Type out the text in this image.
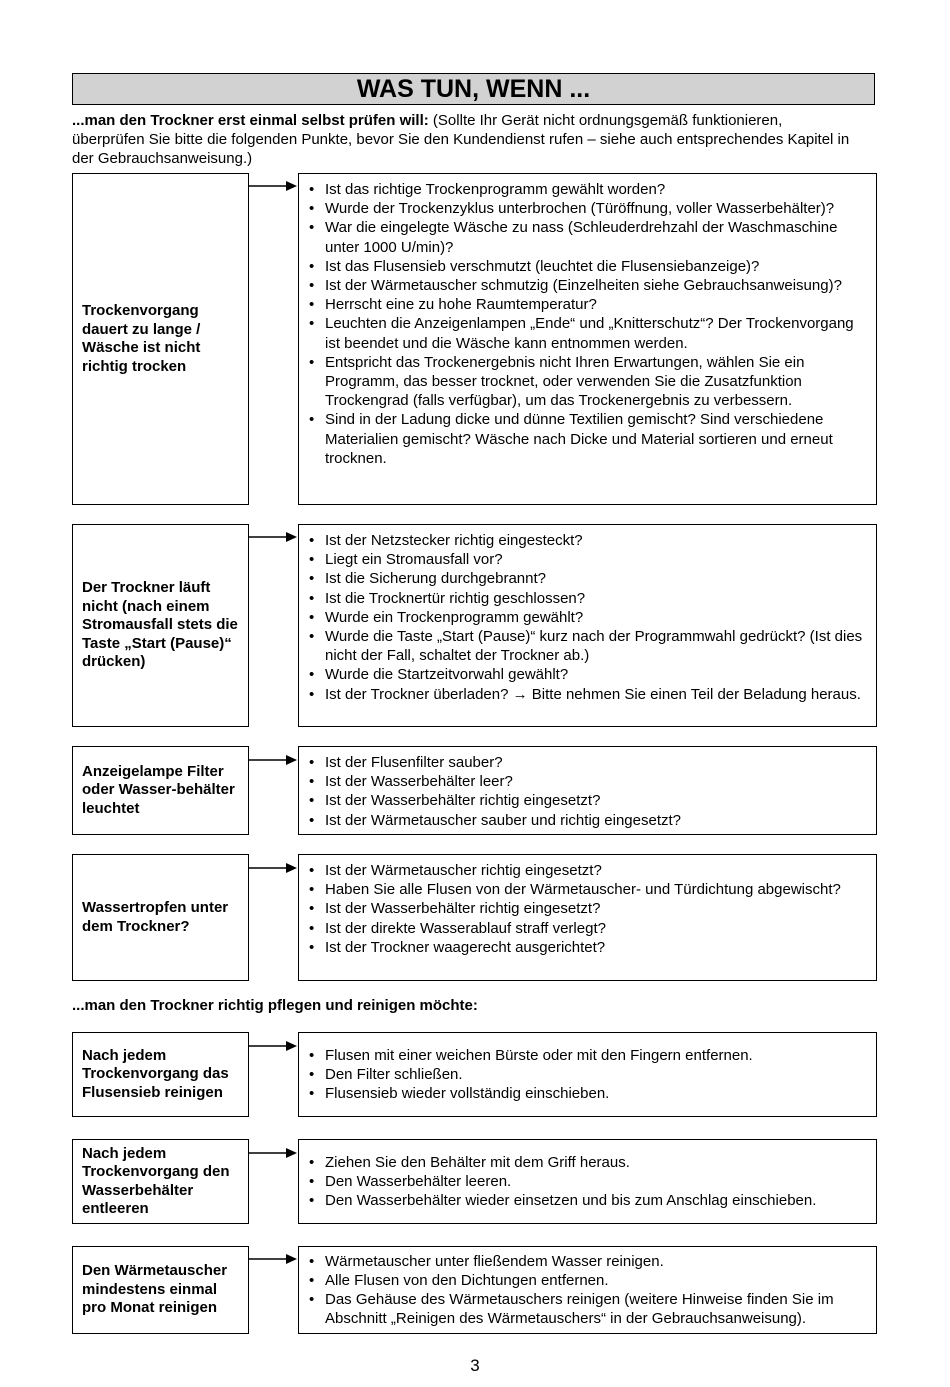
WAS TUN, WENN ...
...man den Trockner erst einmal selbst prüfen will: (Sollte Ihr Gerät nicht ordnungsgemäß funktionieren, überprüfen Sie bitte die folgenden Punkte, bevor Sie den Kundendienst rufen – siehe auch entsprechendes Kapitel in der Gebrauchsanweisung.)
Trockenvorgang dauert zu lange / Wäsche ist nicht richtig trocken
• Ist das richtige Trockenprogramm gewählt worden?
• Wurde der Trockenzyklus unterbrochen (Türöffnung, voller Wasserbehälter)?
• War die eingelegte Wäsche zu nass (Schleuderdrehzahl der Waschmaschine unter 1000 U/min)?
• Ist das Flusensieb verschmutzt (leuchtet die Flusensiebanzeige)?
• Ist der Wärmetauscher schmutzig (Einzelheiten siehe Gebrauchsanweisung)?
• Herrscht eine zu hohe Raumtemperatur?
• Leuchten die Anzeigenlampen „Ende“ und „Knitterschutz“? Der Trockenvorgang ist beendet und die Wäsche kann entnommen werden.
• Entspricht das Trockenergebnis nicht Ihren Erwartungen, wählen Sie ein Programm, das besser trocknet, oder verwenden Sie die Zusatzfunktion Trockengrad (falls verfügbar), um das Trockenergebnis zu verbessern.
• Sind in der Ladung dicke und dünne Textilien gemischt? Sind verschiedene Materialien gemischt? Wäsche nach Dicke und Material sortieren und erneut trocknen.
Der Trockner läuft nicht (nach einem Stromausfall stets die Taste „Start (Pause)“ drücken)
• Ist der Netzstecker richtig eingesteckt?
• Liegt ein Stromausfall vor?
• Ist die Sicherung durchgebrannt?
• Ist die Trocknertür richtig geschlossen?
• Wurde ein Trockenprogramm gewählt?
• Wurde die Taste „Start (Pause)“ kurz nach der Programmwahl gedrückt? (Ist dies nicht der Fall, schaltet der Trockner ab.)
• Wurde die Startzeitvorwahl gewählt?
• Ist der Trockner überladen? → Bitte nehmen Sie einen Teil der Beladung heraus.
Anzeigelampe Filter oder Wasser-behälter leuchtet
• Ist der Flusenfilter sauber?
• Ist der Wasserbehälter leer?
• Ist der Wasserbehälter richtig eingesetzt?
• Ist der Wärmetauscher sauber und richtig eingesetzt?
Wassertropfen unter dem Trockner?
• Ist der Wärmetauscher richtig eingesetzt?
• Haben Sie alle Flusen von der Wärmetauscher- und Türdichtung abgewischt?
• Ist der Wasserbehälter richtig eingesetzt?
• Ist der direkte Wasserablauf straff verlegt?
• Ist der Trockner waagerecht ausgerichtet?
...man den Trockner richtig pflegen und reinigen möchte:
Nach jedem Trockenvorgang das Flusensieb reinigen
• Flusen mit einer weichen Bürste oder mit den Fingern entfernen.
• Den Filter schließen.
• Flusensieb wieder vollständig einschieben.
Nach jedem Trockenvorgang den Wasserbehälter entleeren
• Ziehen Sie den Behälter mit dem Griff heraus.
• Den Wasserbehälter leeren.
• Den Wasserbehälter wieder einsetzen und bis zum Anschlag einschieben.
Den Wärmetauscher mindestens einmal pro Monat reinigen
• Wärmetauscher unter fließendem Wasser reinigen.
• Alle Flusen von den Dichtungen entfernen.
• Das Gehäuse des Wärmetauschers reinigen (weitere Hinweise finden Sie im Abschnitt „Reinigen des Wärmetauschers“ in der Gebrauchsanweisung).
3
